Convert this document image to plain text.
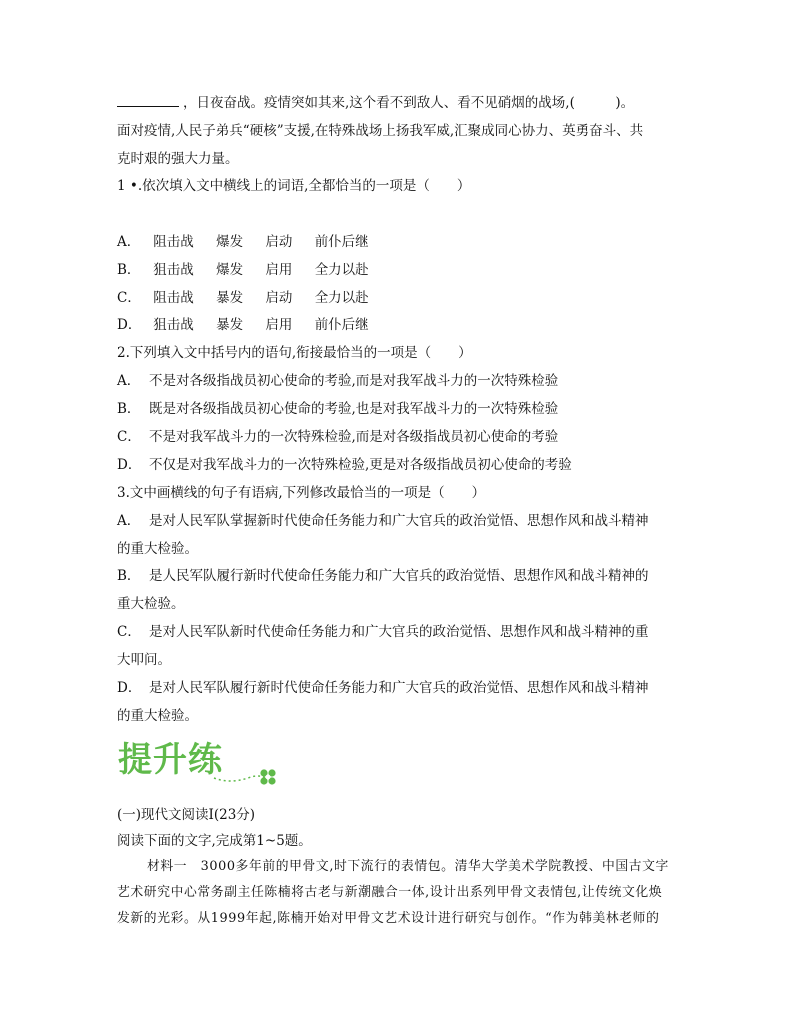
，日夜奋战。疫情突如其来,这个看不到敌人、看不见硝烟的战场,(　　　)。
面对疫情,人民子弟兵“硬核”支援,在特殊战场上扬我军威,汇聚成同心协力、英勇奋斗、共
克时艰的强大力量。
1 •.依次填入文中横线上的词语,全都恰当的一项是（　　）
A． 阻击战 爆发 启动 前仆后继
B． 狙击战 爆发 启用 全力以赴
C． 阻击战 暴发 启动 全力以赴
D． 狙击战 暴发 启用 前仆后继
2.下列填入文中括号内的语句,衔接最恰当的一项是（　　）
A． 不是对各级指战员初心使命的考验,而是对我军战斗力的一次特殊检验
B． 既是对各级指战员初心使命的考验,也是对我军战斗力的一次特殊检验
C． 不是对我军战斗力的一次特殊检验,而是对各级指战员初心使命的考验
D． 不仅是对我军战斗力的一次特殊检验,更是对各级指战员初心使命的考验
3.文中画横线的句子有语病,下列修改最恰当的一项是（　　）
A． 是对人民军队掌握新时代使命任务能力和广大官兵的政治觉悟、思想作风和战斗精神
的重大检验。
B． 是人民军队履行新时代使命任务能力和广大官兵的政治觉悟、思想作风和战斗精神的
重大检验。
C． 是对人民军队新时代使命任务能力和广大官兵的政治觉悟、思想作风和战斗精神的重
大叩问。
D． 是对人民军队履行新时代使命任务能力和广大官兵的政治觉悟、思想作风和战斗精神
的重大检验。
提升练
(一)现代文阅读Ⅰ(23分)
阅读下面的文字,完成第1~5题。
材料一　3000多年前的甲骨文,时下流行的表情包。清华大学美术学院教授、中国古文字
艺术研究中心常务副主任陈楠将古老与新潮融合一体,设计出系列甲骨文表情包,让传统文化焕
发新的光彩。从1999年起,陈楠开始对甲骨文艺术设计进行研究与创作。“作为韩美林老师的
